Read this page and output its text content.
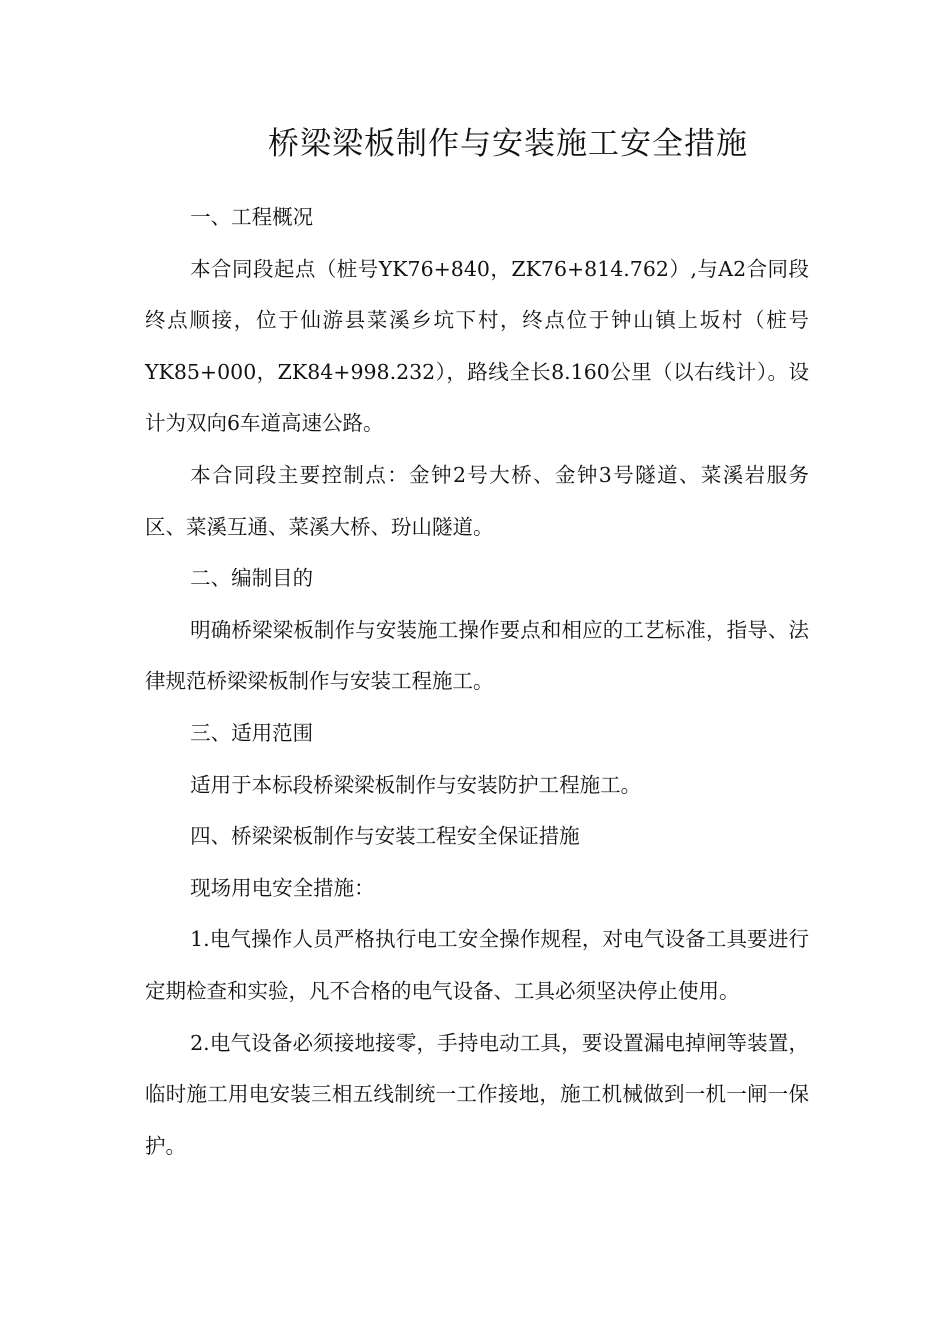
桥梁梁板制作与安装施工安全措施

一、工程概况

本合同段起点（桩号YK76+840，ZK76+814.762）,与A2合同段终点顺接，位于仙游县菜溪乡坑下村，终点位于钟山镇上坂村（桩号YK85+000，ZK84+998.232），路线全长8.160公里（以右线计）。设计为双向6车道高速公路。

本合同段主要控制点：金钟2号大桥、金钟3号隧道、菜溪岩服务区、菜溪互通、菜溪大桥、玢山隧道。

二、编制目的

明确桥梁梁板制作与安装施工操作要点和相应的工艺标准，指导、法律规范桥梁梁板制作与安装工程施工。

三、适用范围

适用于本标段桥梁梁板制作与安装防护工程施工。

四、桥梁梁板制作与安装工程安全保证措施

现场用电安全措施：

1.电气操作人员严格执行电工安全操作规程，对电气设备工具要进行定期检查和实验，凡不合格的电气设备、工具必须坚决停止使用。

2.电气设备必须接地接零，手持电动工具，要设置漏电掉闸等装置，临时施工用电安装三相五线制统一工作接地，施工机械做到一机一闸一保护。
